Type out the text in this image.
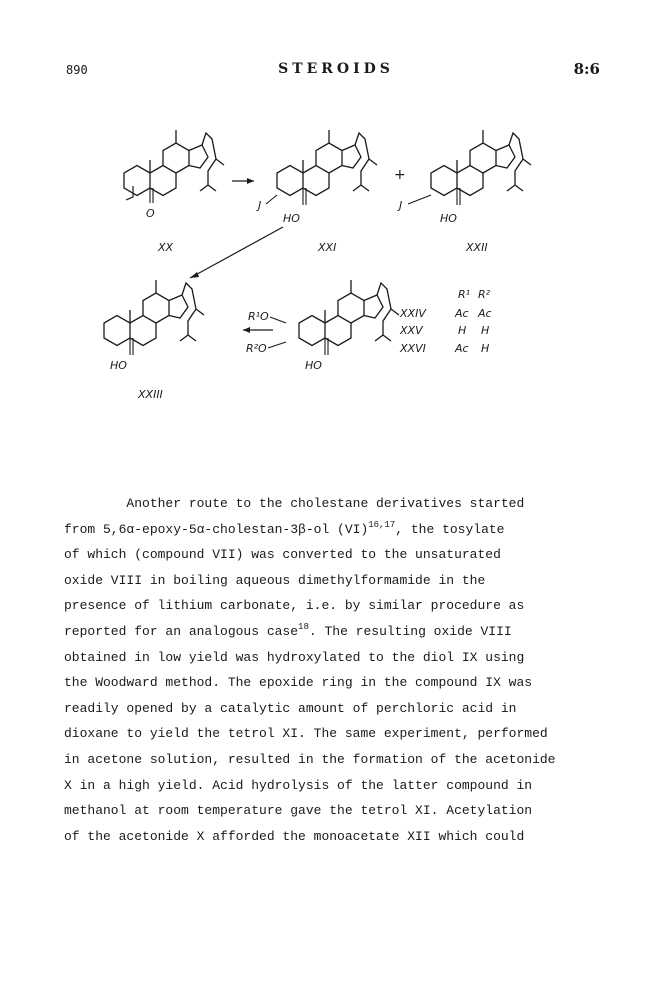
890	STEROIDS	8:6
O
J
HO
+
J
HO
XX	XXI	XXII
HO
XXIII
R¹O
R²O
HO
R¹ R²
XXIV	Ac Ac
XXV	H H
XXVI	Ac H
Another route to the cholestane derivatives started
from 5,6α-epoxy-5α-cholestan-3β-ol (VI)$^{16,17}$, the tosylate
of which (compound VII) was converted to the unsaturated
oxide VIII in boiling aqueous dimethylformamide in the
presence of lithium carbonate, i.e. by similar procedure as
reported for an analogous case$^{18}$. The resulting oxide VIII
obtained in low yield was hydroxylated to the diol IX using
the Woodward method. The epoxide ring in the compound IX was
readily opened by a catalytic amount of perchloric acid in
dioxane to yield the tetrol XI. The same experiment, performed
in acetone solution, resulted in the formation of the acetonide
X in a high yield. Acid hydrolysis of the latter compound in
methanol at room temperature gave the tetrol XI. Acetylation
of the acetonide X afforded the monoacetate XII which could
